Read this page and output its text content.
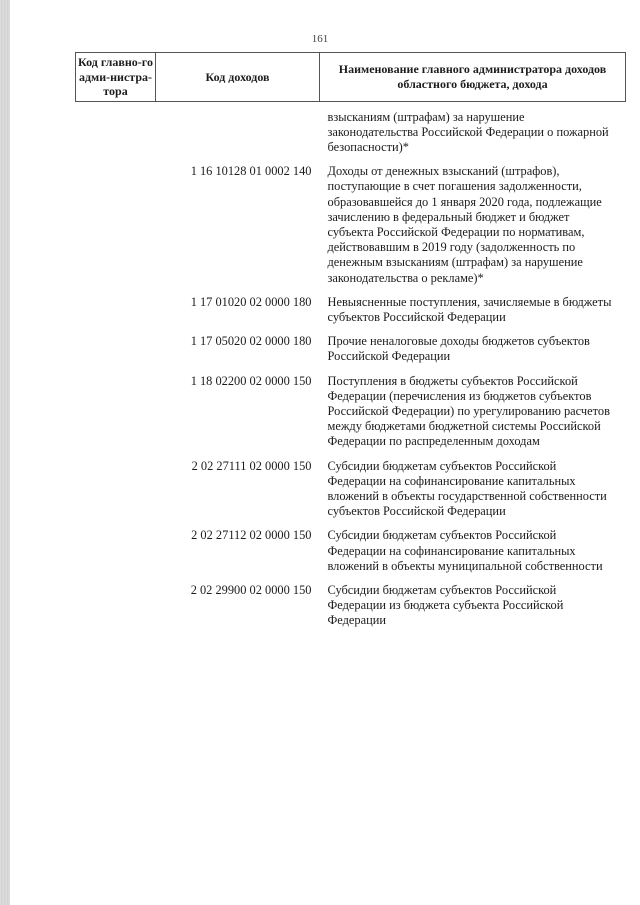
161
Код главно-го адми-нистра-тора	Код доходов	Наименование главного администратора доходов областного бюджета, дохода
		взысканиям (штрафам) за нарушение законодательства Российской Федерации о пожарной безопасности)*
	1 16 10128 01 0002 140	Доходы от денежных взысканий (штрафов), поступающие в счет погашения задолженности, образовавшейся до 1 января 2020 года, подлежащие зачислению в федеральный бюджет и бюджет субъекта Российской Федерации по нормативам, действовавшим в 2019 году (задолженность по денежным взысканиям (штрафам) за нарушение законодательства о рекламе)*
	1 17 01020 02 0000 180	Невыясненные поступления, зачисляемые в бюджеты субъектов Российской Федерации
	1 17 05020 02 0000 180	Прочие неналоговые доходы бюджетов субъектов Российской Федерации
	1 18 02200 02 0000 150	Поступления в бюджеты субъектов Российской Федерации (перечисления из бюджетов субъектов Российской Федерации) по урегулированию расчетов между бюджетами бюджетной системы Российской Федерации по распределенным доходам
	2 02 27111 02 0000 150	Субсидии бюджетам субъектов Российской Федерации на софинансирование капитальных вложений в объекты государственной собственности субъектов Российской Федерации
	2 02 27112 02 0000 150	Субсидии бюджетам субъектов Российской Федерации на софинансирование капитальных вложений в объекты муниципальной собственности
	2 02 29900 02 0000 150	Субсидии бюджетам субъектов Российской Федерации из бюджета субъекта Российской Федерации
